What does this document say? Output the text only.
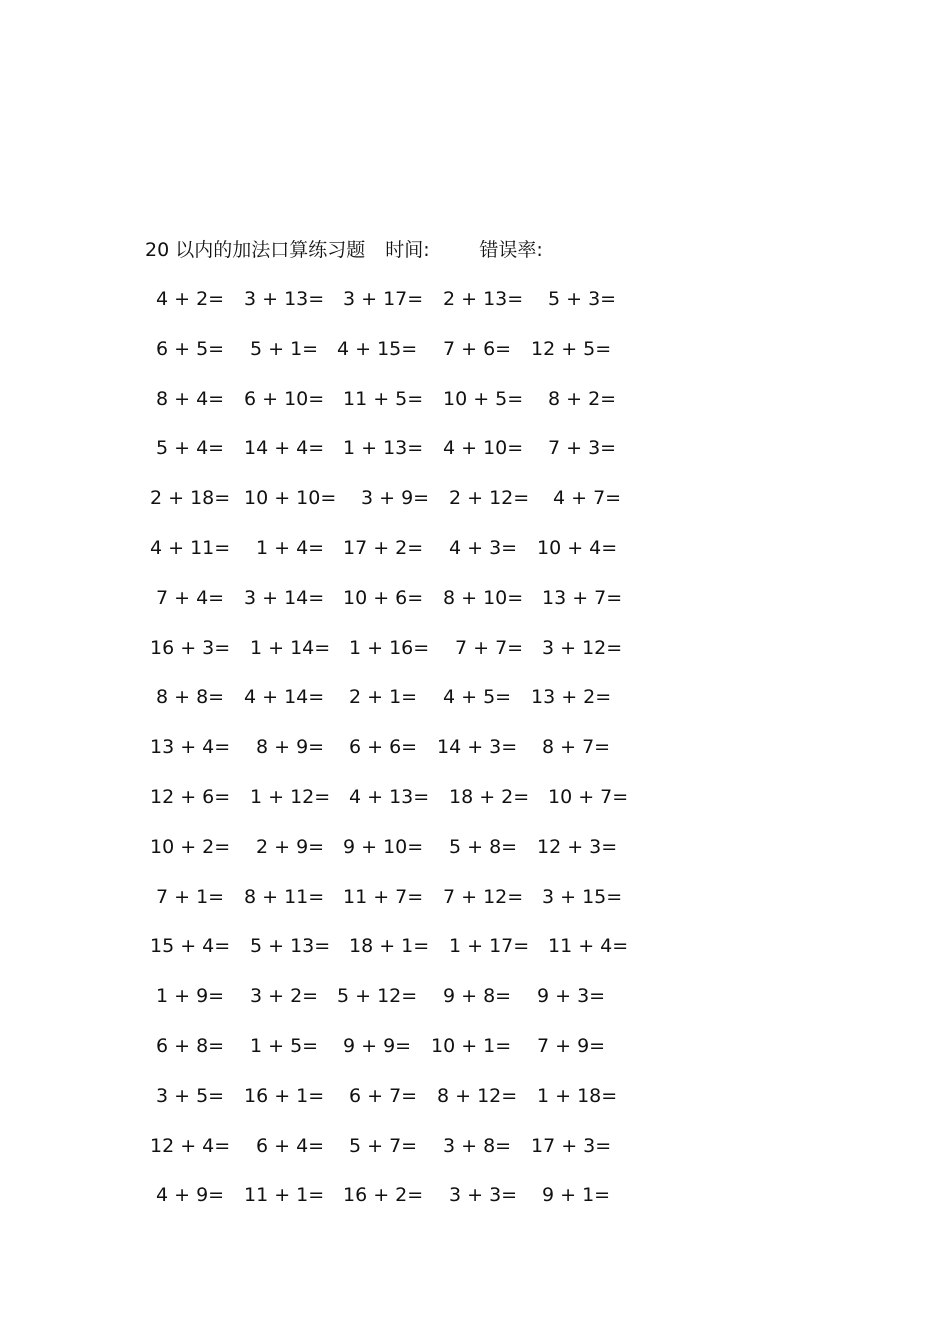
20 以内的加法口算练习题 时间:	错误率:
4 + 2= 3 + 13= 3 + 17= 2 + 13= 5 + 3=
6 + 5= 5 + 1= 4 + 15= 7 + 6= 12 + 5=
8 + 4= 6 + 10= 11 + 5= 10 + 5= 8 + 2=
5 + 4= 14 + 4= 1 + 13= 4 + 10= 7 + 3=
2 + 18= 10 + 10= 3 + 9= 2 + 12= 4 + 7=
4 + 11= 1 + 4= 17 + 2= 4 + 3= 10 + 4=
7 + 4= 3 + 14= 10 + 6= 8 + 10= 13 + 7=
16 + 3= 1 + 14= 1 + 16= 7 + 7= 3 + 12=
8 + 8= 4 + 14= 2 + 1= 4 + 5= 13 + 2=
13 + 4= 8 + 9= 6 + 6= 14 + 3= 8 + 7=
12 + 6= 1 + 12= 4 + 13= 18 + 2= 10 + 7=
10 + 2= 2 + 9= 9 + 10= 5 + 8= 12 + 3=
7 + 1= 8 + 11= 11 + 7= 7 + 12= 3 + 15=
15 + 4= 5 + 13= 18 + 1= 1 + 17= 11 + 4=
1 + 9= 3 + 2= 5 + 12= 9 + 8= 9 + 3=
6 + 8= 1 + 5= 9 + 9= 10 + 1= 7 + 9=
3 + 5= 16 + 1= 6 + 7= 8 + 12= 1 + 18=
12 + 4= 6 + 4= 5 + 7= 3 + 8= 17 + 3=
4 + 9= 11 + 1= 16 + 2= 3 + 3= 9 + 1=
